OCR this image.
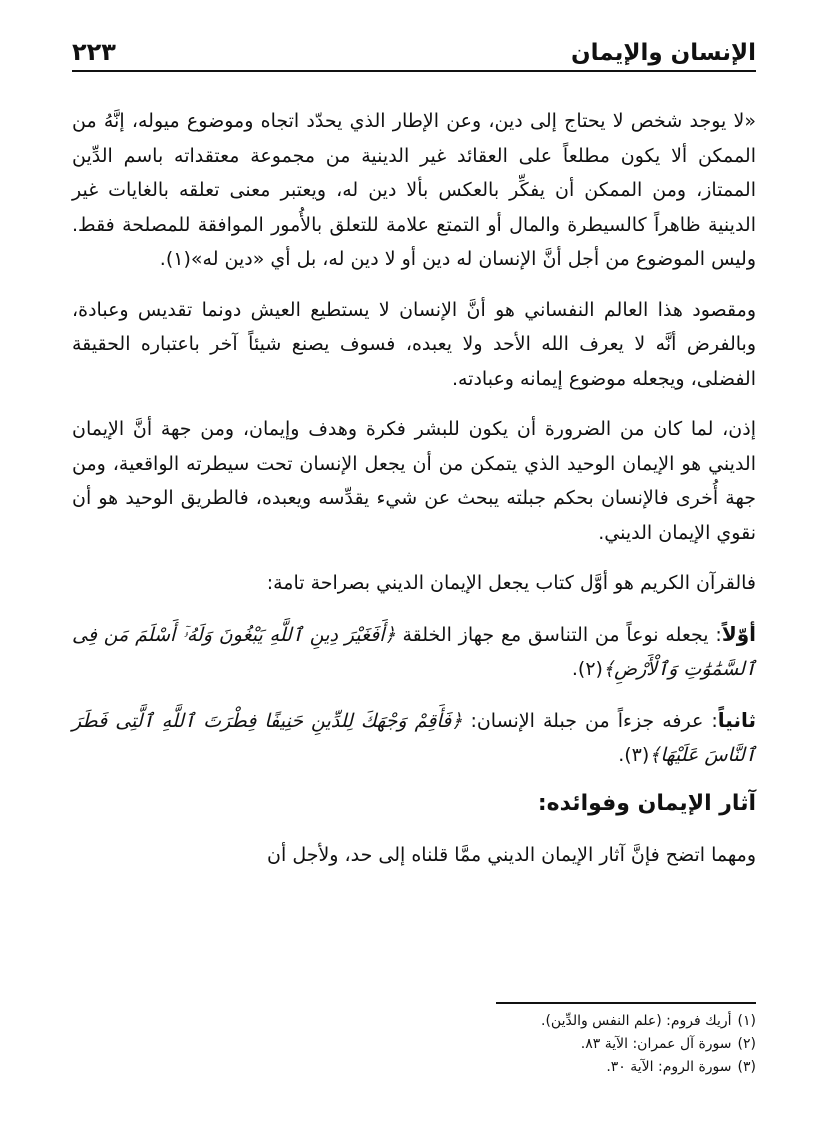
الإنسان والإيمان
٢٢٣

«لا يوجد شخص لا يحتاج إلى دين، وعن الإطار الذي يحدّد اتجاه وموضوع ميوله، إنَّهُ من الممكن ألا يكون مطلعاً على العقائد غير الدينية من مجموعة معتقداته باسم الدِّين الممتاز، ومن الممكن أن يفكِّر بالعكس بألا دين له، ويعتبر معنى تعلقه بالغايات غير الدينية ظاهراً كالسيطرة والمال أو التمتع علامة للتعلق بالأُمور الموافقة للمصلحة فقط. وليس الموضوع من أجل أنَّ الإنسان له دين أو لا دين له، بل أي «دين له»(١).

ومقصود هذا العالم النفساني هو أنَّ الإنسان لا يستطيع العيش دونما تقديس وعبادة، وبالفرض أنَّه لا يعرف الله الأحد ولا يعبده، فسوف يصنع شيئاً آخر باعتباره الحقيقة الفضلى، ويجعله موضوع إيمانه وعبادته.

إذن، لما كان من الضرورة أن يكون للبشر فكرة وهدف وإيمان، ومن جهة أنَّ الإيمان الديني هو الإيمان الوحيد الذي يتمكن من أن يجعل الإنسان تحت سيطرته الواقعية، ومن جهة أُخرى فالإنسان بحكم جبلته يبحث عن شيء يقدِّسه ويعبده، فالطريق الوحيد هو أن نقوي الإيمان الديني.

فالقرآن الكريم هو أوَّل كتاب يجعل الإيمان الديني بصراحة تامة:

أوّلاً: يجعله نوعاً من التناسق مع جهاز الخلقة ﴿أَفَغَيْرَ دِينِ ٱللَّهِ يَبْغُونَ وَلَهُۥٓ أَسْلَمَ مَن فِى ٱلسَّمَٰوَٰتِ وَٱلْأَرْضِ﴾(٢).

ثانياً: عرفه جزءاً من جبلة الإنسان: ﴿فَأَقِمْ وَجْهَكَ لِلدِّينِ حَنِيفًا فِطْرَتَ ٱللَّهِ ٱلَّتِى فَطَرَ ٱلنَّاسَ عَلَيْهَا﴾(٣).

آثار الإيمان وفوائده:

ومهما اتضح فإنَّ آثار الإيمان الديني ممَّا قلناه إلى حد، ولأجل أن

(١)أريك فروم: (علم النفس والدِّين).

(٢)سورة آل عمران: الآية ٨٣.

(٣)سورة الروم: الآية ٣٠.
